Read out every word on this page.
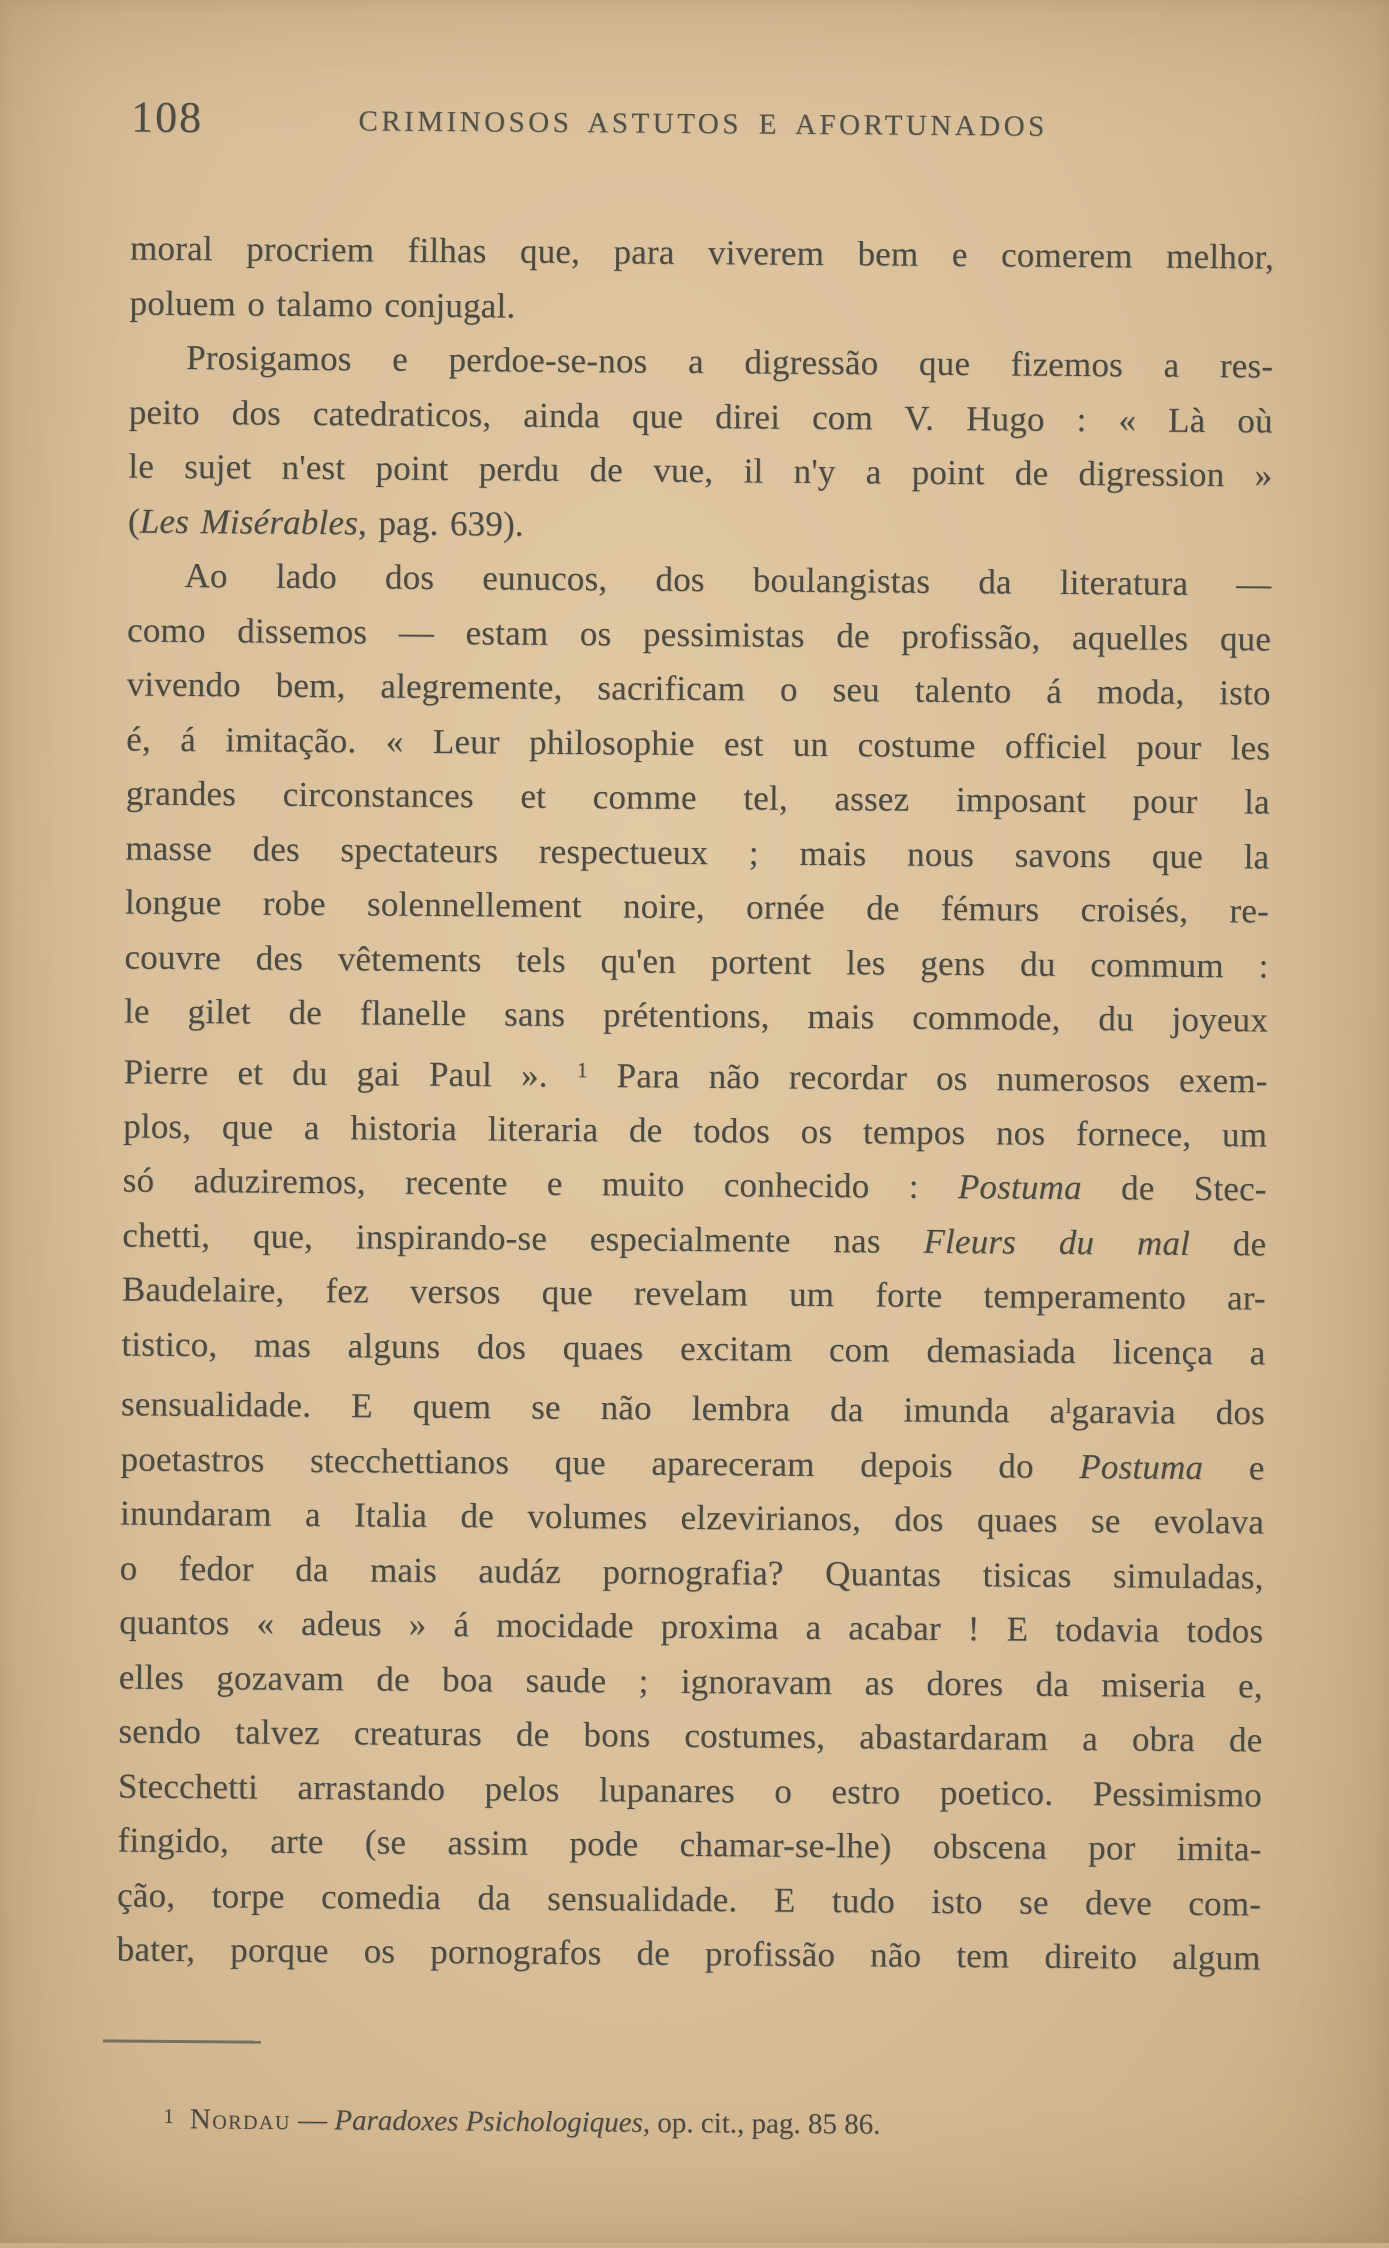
108	CRIMINOSOS ASTUTOS E AFORTUNADOS
moral procriem filhas que, para viverem bem e comerem melhor,
poluem o talamo conjugal.
Prosigamos e perdoe-se-nos a digressão que fizemos a res-
peito dos catedraticos, ainda que direi com V. Hugo : « Là où
le sujet n'est point perdu de vue, il n'y a point de digression »
(Les Misérables, pag. 639).
Ao lado dos eunucos, dos boulangistas da literatura —
como dissemos — estam os pessimistas de profissão, aquelles que
vivendo bem, alegremente, sacrificam o seu talento á moda, isto
é, á imitação. « Leur philosophie est un costume officiel pour les
grandes circonstances et comme tel, assez imposant pour la
masse des spectateurs respectueux ; mais nous savons que la
longue robe solennellement noire, ornée de fémurs croisés, re-
couvre des vêtements tels qu'en portent les gens du commum :
le gilet de flanelle sans prétentions, mais commode, du joyeux
Pierre et du gai Paul ». $^1$ Para não recordar os numerosos exem-
plos, que a historia literaria de todos os tempos nos fornece, um
só aduziremos, recente e muito conhecido : Postuma de Stec-
chetti, que, inspirando-se especialmente nas Fleurs du mal de
Baudelaire, fez versos que revelam um forte temperamento ar-
tistico, mas alguns dos quaes excitam com demasiada licença a
sensualidade. E quem se não lembra da imunda $a^lgaravia$ dos
poetastros stecchettianos que apareceram depois do Postuma e
inundaram a Italia de volumes elzevirianos, dos quaes se evolava
o fedor da mais audáz pornografia? Quantas tisicas simuladas,
quantos « adeus » á mocidade proxima a acabar ! E todavia todos
elles gozavam de boa saude ; ignoravam as dores da miseria e,
sendo talvez creaturas de bons costumes, abastardaram a obra de
Stecchetti arrastando pelos lupanares o estro poetico. Pessimismo
fingido, arte (se assim pode chamar-se-lhe) obscena por imita-
ção, torpe comedia da sensualidade. E tudo isto se deve com-
bater, porque os pornografos de profissão não tem direito algum
1 Nordau — Paradoxes Psichologiques, op. cit., pag. 85 86.
